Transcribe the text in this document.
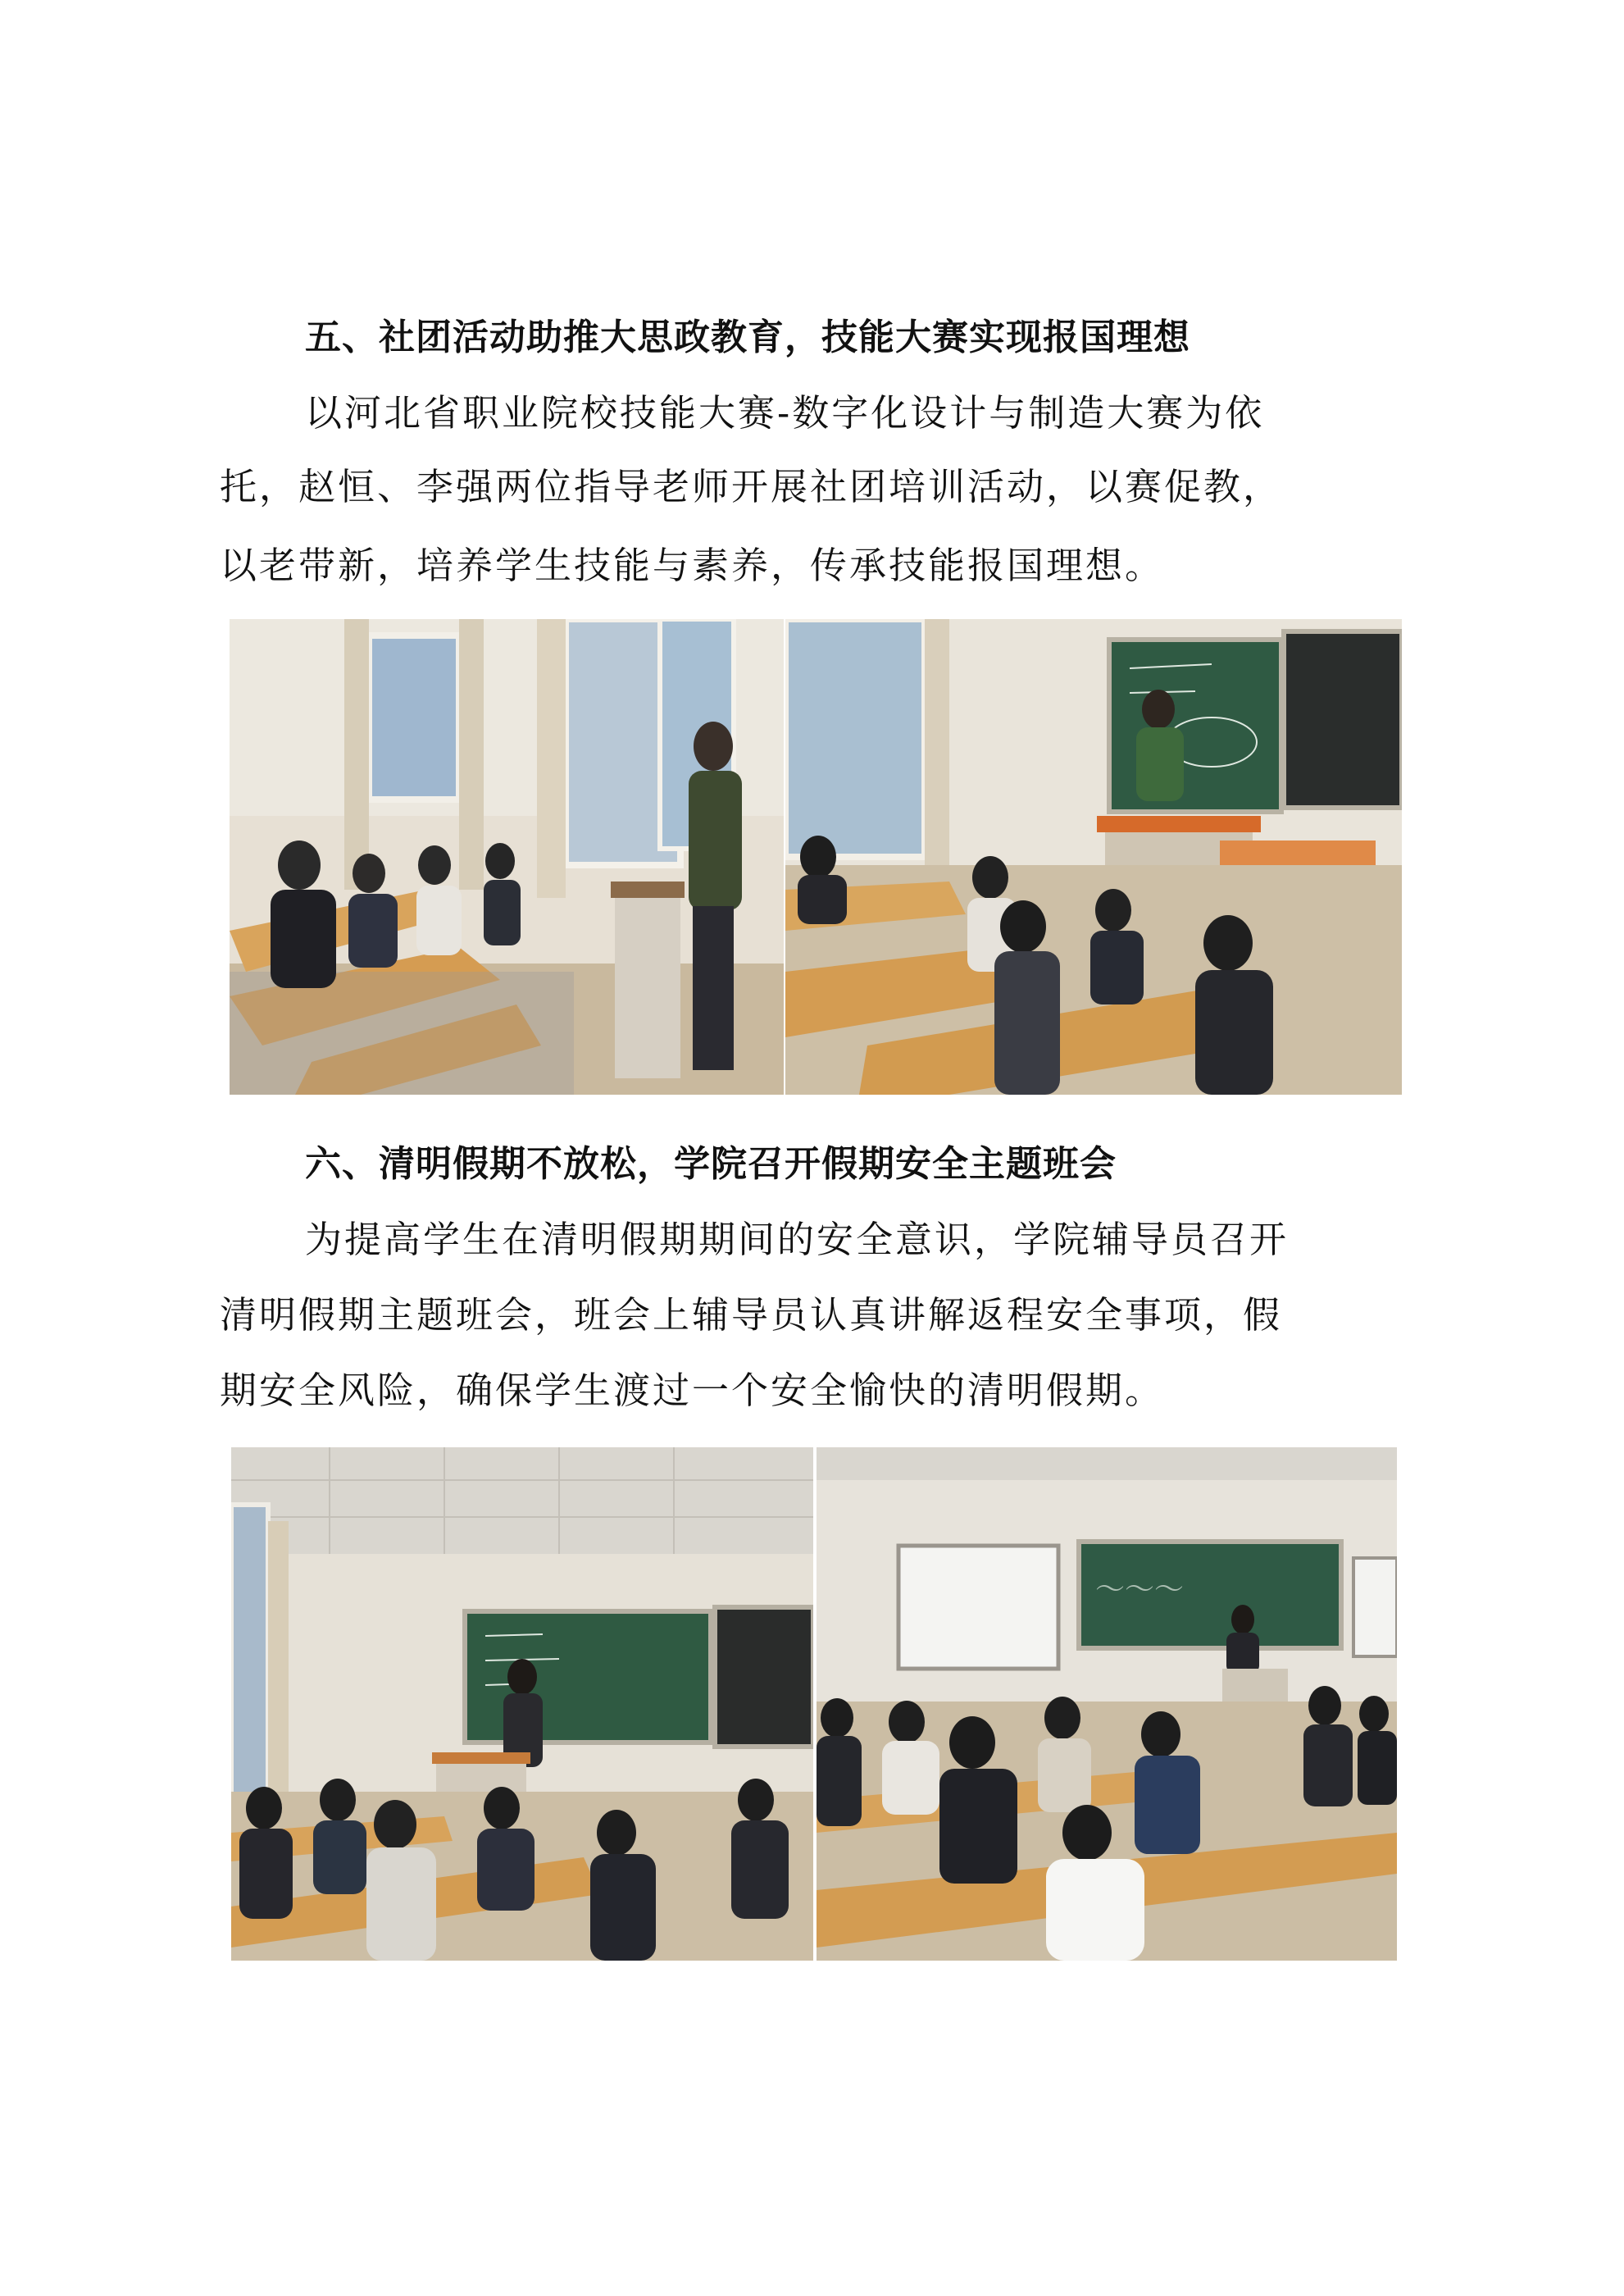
五、社团活动助推大思政教育，技能大赛实现报国理想
以河北省职业院校技能大赛-数字化设计与制造大赛为依
托，赵恒、李强两位指导老师开展社团培训活动，以赛促教，
以老带新，培养学生技能与素养，传承技能报国理想。
六、清明假期不放松，学院召开假期安全主题班会
为提高学生在清明假期期间的安全意识，学院辅导员召开
清明假期主题班会，班会上辅导员认真讲解返程安全事项，假
期安全风险，确保学生渡过一个安全愉快的清明假期。
〜〜〜
